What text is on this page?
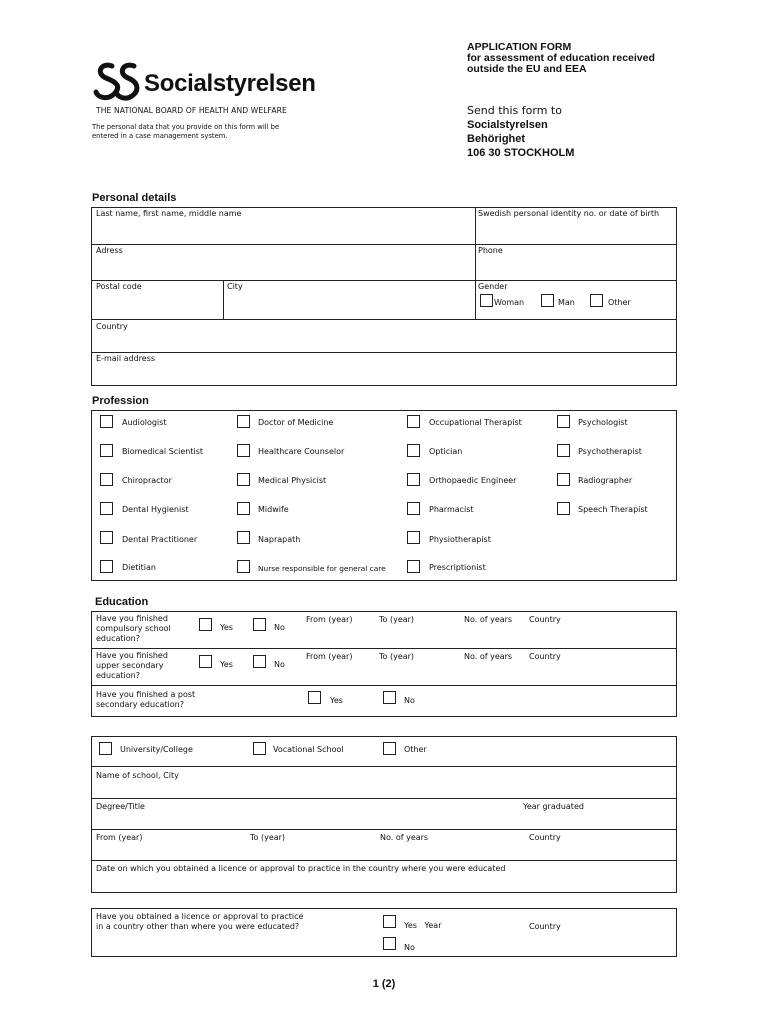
Socialstyrelsen
THE NATIONAL BOARD OF HEALTH AND WELFARE
The personal data that you provide on this form will be
entered in a case management system.
APPLICATION FORM
for assessment of education received
outside the EU and EEA
Send this form to
Socialstyrelsen
Behörighet
106 30 STOCKHOLM
Personal details
Last name, first name, middle name	Swedish personal identity no. or date of birth
Adress	Phone
Postal code	City	Gender
Woman	Man	Other
Country
E-mail address
Profession
Audiologist	Doctor of Medicine	Occupational Therapist	Psychologist
Biomedical Scientist	Healthcare Counselor	Optician	Psychotherapist
Chiropractor	Medical Physicist	Orthopaedic Engineer	Radiographer
Dental Hygienist	Midwife	Pharmacist	Speech Therapist
Dental Practitioner	Naprapath	Physiotherapist
Dietitian	Nurse responsible for general care	Prescriptionist
Education
Have you finished
compulsory school
education?
Yes	No
From (year)	To (year)	No. of years Country
Have you finished
upper secondary
education?
Yes	No
From (year)	To (year)	No. of years Country
Have you finished a post
secondary education?	Yes	No
University/College	Vocational School	Other
Name of school, City
Degree/Title	Year graduated
From (year)	To (year)	No. of years	Country
Date on which you obtained a licence or approval to practice in the country where you were educated
Have you obtained a licence or approval to practice
in a country other than where you were educated?	Yes   Year
No
Country
1 (2)
